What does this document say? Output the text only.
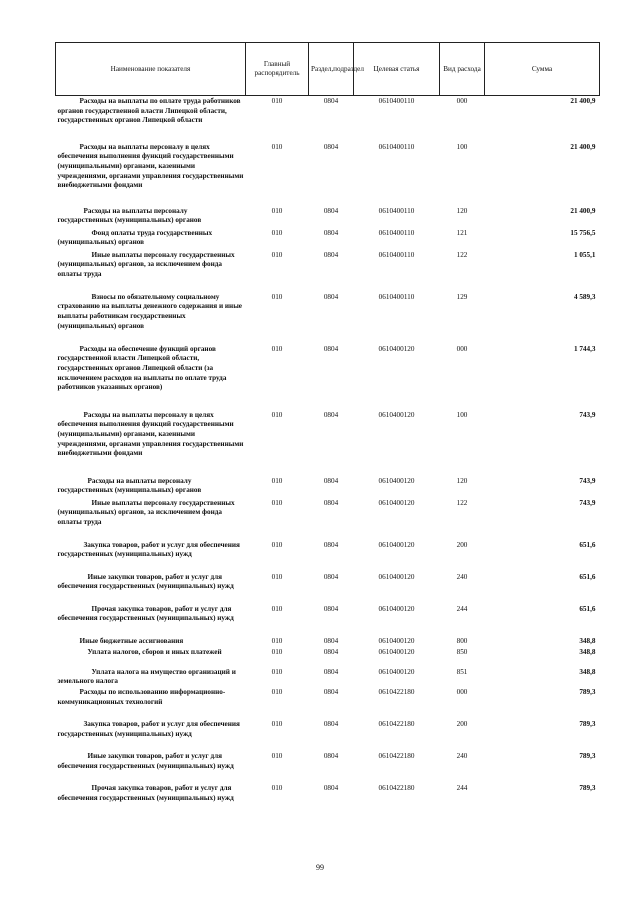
Наименование показателя	Главный распорядитель	Раздел,подраздел	Целевая статья	Вид расхода	Сумма
Расходы на выплаты по оплате труда работников органов государственной власти Липецкой области, государственных органов Липецкой области	010	0804	0610400110	000	21 400,9
Расходы на выплаты персоналу в целях обеспечения выполнения функций государственными (муниципальными) органами, казенными учреждениями, органами управления государственными внебюджетными фондами	010	0804	0610400110	100	21 400,9
Расходы на выплаты персоналу государственных (муниципальных) органов	010	0804	0610400110	120	21 400,9
Фонд оплаты труда государственных (муниципальных) органов	010	0804	0610400110	121	15 756,5
Иные выплаты персоналу государственных (муниципальных) органов, за исключением фонда оплаты труда	010	0804	0610400110	122	1 055,1
Взносы по обязательному социальному страхованию на выплаты денежного содержания и иные выплаты работникам государственных (муниципальных) органов	010	0804	0610400110	129	4 589,3
Расходы на обеспечение функций органов государственной власти Липецкой области, государственных органов Липецкой области (за исключением расходов на выплаты по оплате труда работников указанных органов)	010	0804	0610400120	000	1 744,3
Расходы на выплаты персоналу в целях обеспечения выполнения функций государственными (муниципальными) органами, казенными учреждениями, органами управления государственными внебюджетными фондами	010	0804	0610400120	100	743,9
Расходы на выплаты персоналу государственных (муниципальных) органов	010	0804	0610400120	120	743,9
Иные выплаты персоналу государственных (муниципальных) органов, за исключением фонда оплаты труда	010	0804	0610400120	122	743,9
Закупка товаров, работ и услуг для обеспечения государственных (муниципальных) нужд	010	0804	0610400120	200	651,6
Иные закупки товаров, работ и услуг для обеспечения государственных (муниципальных) нужд	010	0804	0610400120	240	651,6
Прочая закупка товаров, работ и услуг для обеспечения государственных (муниципальных) нужд	010	0804	0610400120	244	651,6
Иные бюджетные ассигнования	010	0804	0610400120	800	348,8
Уплата налогов, сборов и иных платежей	010	0804	0610400120	850	348,8
Уплата налога на имущество организаций и земельного налога	010	0804	0610400120	851	348,8
Расходы по использованию информационно-коммуникационных технологий	010	0804	0610422180	000	789,3
Закупка товаров, работ и услуг для обеспечения государственных (муниципальных) нужд	010	0804	0610422180	200	789,3
Иные закупки товаров, работ и услуг для обеспечения государственных (муниципальных) нужд	010	0804	0610422180	240	789,3
Прочая закупка товаров, работ и услуг для обеспечения государственных (муниципальных) нужд	010	0804	0610422180	244	789,3
99
